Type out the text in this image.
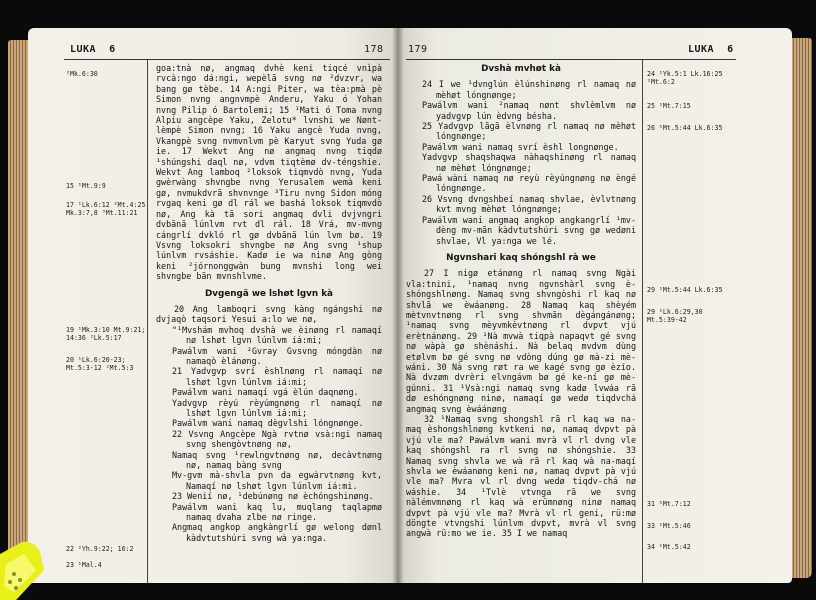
LUKA 6	178
²Mk.6:30
15 ¹Mt.9:9
17 ¹Lk.6:12 ²Mt.4:25
Mk.3:7,8 ³Mt.11:21
19 ¹Mk.3:10 Mt.9:21;
14:36 ²Lk.5:17
20 ¹Lk.6:20-23;
Mt.5:3-12 ²Mt.5:3
22 ²Yh.9:22; 16:2
23 ¹Mal.4

goa:tnà nø, angmaq dvhè keni tiqcé vnìpà rvcà:ngo dá:ngi, wepèlã svng nø ²dvzvr, wa bang gø tèbe. 14 A:ngi Piter, wa tèa:pmà pè Simon nvng angnvmpè Anderu, Yaku ó Yohan nvng Pilip ó Bartolemi; 15 ¹Mati ó Toma nvng Alpiu angcèpe Yaku, Zelotu* lvnshi we Nønt-lèmpè Simon nvng; 16 Yaku angcè Yuda nvng, Vkangpè svng nvmvnlvm pè Karyut svng Yuda gø ie. 17 Wekvt Ang nø angmaq nvng tiqdø ¹shúngshi daql nø, vdvm tiqtèmø dv-téngshie. Wekvt Ang lamboq ²loksok tiqmvdò nvng, Yuda gwèrwàng shvngbe nvng Yerusalem wemà keni gø, nvmukdvrã shvnvnge ³Tiru nvng Sidon móng rvgaq keni gø dl rál we bashá loksok tiqmvdò nø, Ang kà tã sori angmaq dvli dvjvngri dvbãnã lúnlvm rvt dl rál. 18 Vrá, mv-mvng cángrlí dvkló rl gø dvbãnã lún lvm bø. 19 Vsvng loksokri shvngbe nø Ang svng ¹shup lúnlvm rvsáshie. Kadø ie wa ninø Ang gòng keni ²jórnonggwàn bung mvnshi long wei shvngbe bãn mvnshlvme.

Dvgengã we lshøt lgvn kà

20 Ang lamboqri svng kàng ngángshi nø dvjaqò taqsori Yesui a:lo we nø,

"¹Mvshám mvhoq dvshà we èinøng rl namaqí nø lshøt lgvn lúnlvm iá:mi;

Pawálvm wani ²Gvray Gvsvng móngdàn nø namaqò èlánøng.

21 Yadvgvp svrí èshlnøng rl namaqí nø lshøt lgvn lúnlvm iá:mi;

Pawálvm wani namaqí vgá èlún daqnøng.

Yadvgvp rèyú rèyúmgnøng rl namaqí nø lshøt lgvn lúnlvm iá:mi;

Pawálvm wani namaq dègvlshi lóngnønge.

22 Vsvng Angcèpe Ngà rvtnø vsà:ngi namaq svng shengòvtnøng nø,

Namaq svng ¹rewlngvtnøng nø, decàvtnøng nø, namaq bàng svng

Mv-gvm mà-shvla pvn da egwàrvtnøng kvt, Namaqí nø lshøt lgvn lúnlvm iá:mi.

23 Wenií nø, ¹debúnøng nø èchóngshinøng.

Pawálvm wani kaq lu, muqlang taqlapmø namaq dvaha zlbe nø ringe.

Angmaq angkop angkàngrlí gø welong dønl kàdvtutshúri svng wà ya:nga.

179	LUKA 6
Dvshà mvhøt kà

24 I we ¹dvnglún èlúnshinøng rl namaq nø mèhøt lóngnønge;

Pawálvm wani ²namaq nønt shvlèmlvm nø yadvgvp lún èdvng bésha.

25 Yadvgvp lãgã èlvnøng rl namaq nø mèhøt lóngnønge;

Pawálvm wani namaq svrí èshl longnønge.

Yadvgvp shaqshaqwa nàhaqshinøng rl namaq nø mèhøt lóngnønge;

Pawá wàni namaq nø reyù rèyúngnøng nø èngé lóngnønge.

26 Vsvng dvngshbeí namaq shvlae, èvlvtnøng kvt mvng mèhøt lóngnønge;

Pawálvm wani angmaq angkop angkangrlí ¹mv-dèng mv-mãn kàdvtutshúri svng gø wedøni shvlae, Vl ya:nga we lé.

Ngvnshari kaq shóngshl rà we

27 I nigø etánøng rl namaq svng Ngài vla:tnini, ¹namaq nvng ngvnshàrl svng è-shóngshlnøng. Namaq svng shvngòshi rl kaq nø shvlã we èwáanøng. 28 Namaq kaq shèyém mètvnvtnøng rl svng shvmãn dègángánøng; ¹namaq svng mèyvmkèvtnøng rl dvpvt vjú erètnánøng. 29 ¹Nà mvwà tiqpà napaqvt gé svng nø wàpà gø shènáshi. Nà belaq mvdvm dùng etølvm bø gé svng nø vdòng dúng gø mà-zi mè-wáni. 30 Nà svng røt ra we kagé svng gø èzío. Nà dvzøm dvrèri elvngávm bø gé ke-ní gø mè-gúnni. 31 ¹Vsà:ngi namaq svng kadø lvwáa rã dø eshóngnøng ninø, namaqí gø wedø tiqdvchá angmaq svng èwáánøng

32 ¹Namaq svng shongshl rã rl kaq wa na-maq èshongshlnøng kvtkeni nø, namaq dvpvt pà vjú vle ma? Pawálvm wani mvrà vl rl dvng vle kaq shóngshl ra rl svng nø shóngshie. 33 Namaq svng shvla we wà rã rl kaq wà na-maqí shvla we èwáanøng keni nø, namaq dvpvt pà vjú vle ma? Mvra vl rl dvng wedø tiqdv-chá nø wáshie. 34 ¹Tvlè vtvnga rã we svng nàlémvmnøng rl kaq wà erümnøng ninø namaq dvpvt pà vjú vle ma? Mvrà vl rl geni, rü:mø döngte vtvngshi lúnlvm dvpvt, mvrà vl svng angwà rü:mo we ie. 35 I we namaq

24 ¹Yk.5:1 Lk.16:25
²Mt.6:2
25 ¹Mt.7:15
26 ¹Mt.5:44 Lk.6:35
29 ¹Mt.5:44 Lk.6:35
29 ¹Lk.6:29,30
Mt.5:39-42
31 ¹Mt.7:12
33 ¹Mt.5:46
34 ¹Mt.5:42
